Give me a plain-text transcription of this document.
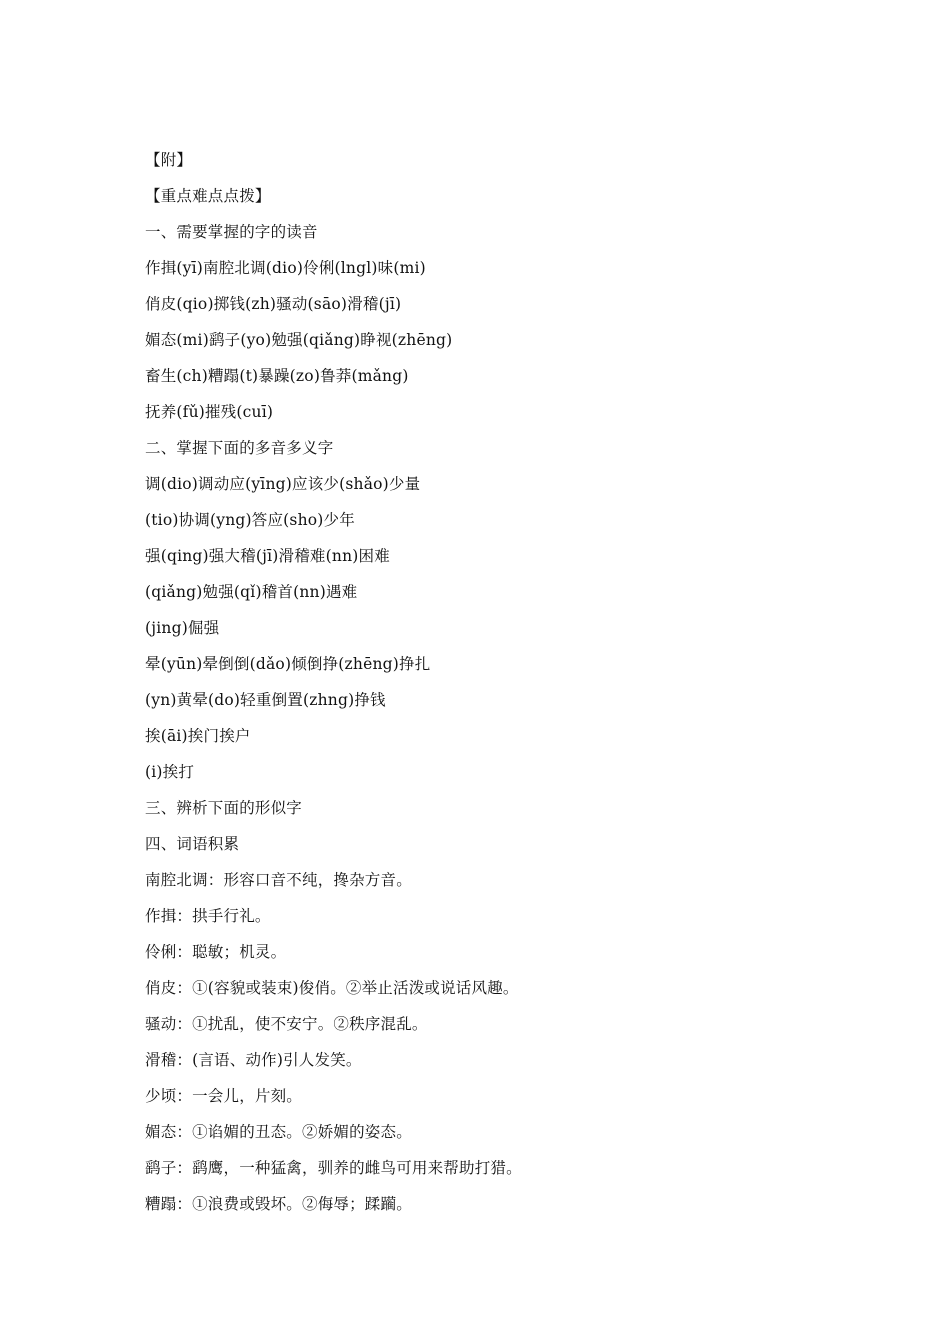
【附】
【重点难点点拨】
一、需要掌握的字的读音
作揖(yī)南腔北调(dio)伶俐(lngl)味(mi)
俏皮(qio)掷钱(zh)骚动(sāo)滑稽(jī)
媚态(mi)鹞子(yo)勉强(qiǎng)睁视(zhēng)
畜生(ch)糟蹋(t)暴躁(zo)鲁莽(mǎng)
抚养(fǔ)摧残(cuī)
二、掌握下面的多音多义字
调(dio)调动应(yīng)应该少(shǎo)少量
(tio)协调(yng)答应(sho)少年
强(qing)强大稽(jī)滑稽难(nn)困难
(qiǎng)勉强(qǐ)稽首(nn)遇难
(jing)倔强
晕(yūn)晕倒倒(dǎo)倾倒挣(zhēng)挣扎
(yn)黄晕(do)轻重倒置(zhng)挣钱
挨(āi)挨门挨户
(i)挨打
三、辨析下面的形似字
四、词语积累
南腔北调：形容口音不纯，搀杂方音。
作揖：拱手行礼。
伶俐：聪敏；机灵。
俏皮：①(容貌或装束)俊俏。②举止活泼或说话风趣。
骚动：①扰乱，使不安宁。②秩序混乱。
滑稽：(言语、动作)引人发笑。
少顷：一会儿，片刻。
媚态：①谄媚的丑态。②娇媚的姿态。
鹞子：鹞鹰，一种猛禽，驯养的雌鸟可用来帮助打猎。
糟蹋：①浪费或毁坏。②侮辱；蹂躏。
